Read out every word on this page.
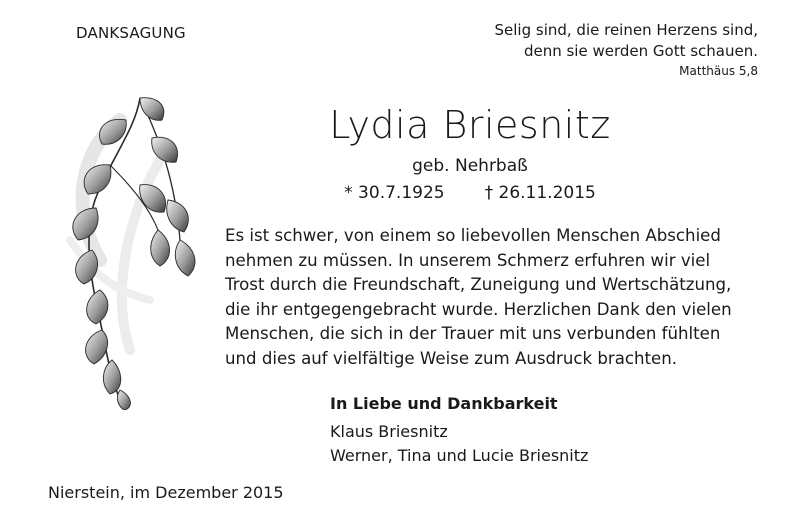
DANKSAGUNG	Selig sind, die reinen Herzens sind,
denn sie werden Gott schauen.
Matthäus 5,8
Lydia Briesnitz
geb. Nehrbaß
* 30.7.1925 † 26.11.2015

Es ist schwer, von einem so liebevollen Menschen Abschied

nehmen zu müssen. In unserem Schmerz erfuhren wir viel

Trost durch die Freundschaft, Zuneigung und Wertschätzung,

die ihr entgegengebracht wurde. Herzlichen Dank den vielen

Menschen, die sich in der Trauer mit uns verbunden fühlten

und dies auf vielfältige Weise zum Ausdruck brachten.

In Liebe und Dankbarkeit
Klaus Briesnitz
Werner, Tina und Lucie Briesnitz
Nierstein, im Dezember 2015
